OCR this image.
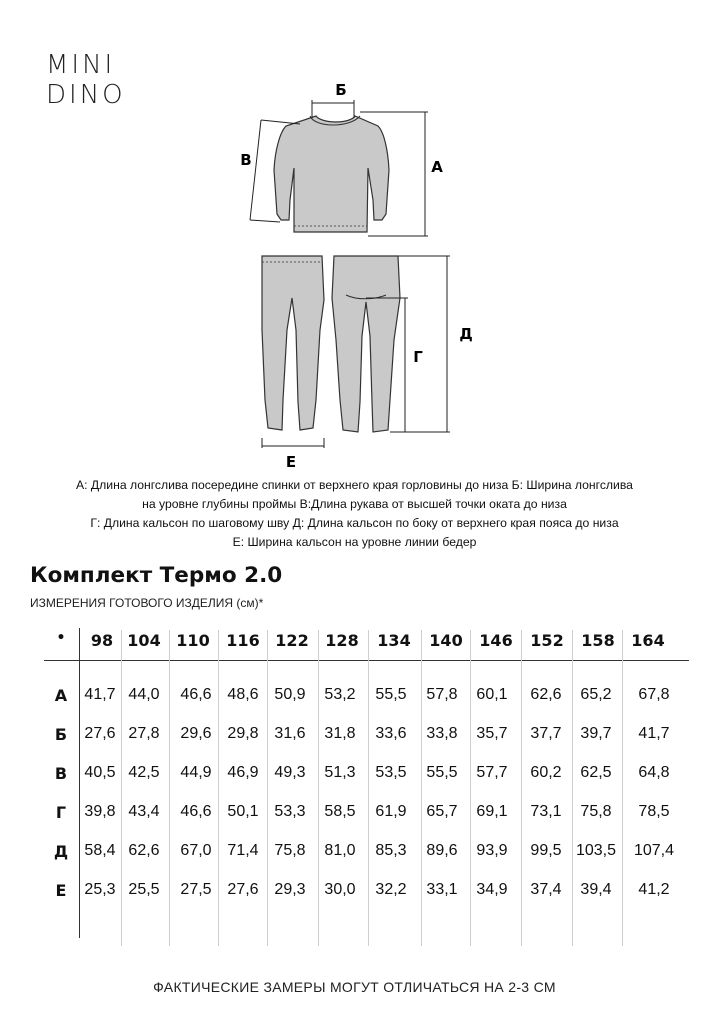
MINI
DINO	Б
А
В
Д
Г
Е
А: Длина лонгслива посередине спинки от верхнего края горловины до низа Б: Ширина лонгслива
на уровне глубины проймы В:Длина рукава от высшей точки оката до низа
Г: Длина кальсон по шаговому шву Д: Длина кальсон по боку от верхнего края пояса до низа
Е: Ширина кальсон на уровне линии бедер
Комплект Термо 2.0
ИЗМЕРЕНИЯ ГОТОВОГО ИЗДЕЛИЯ (см)*
•	98 104 110	116 122	128	134	140	146	152	158	164
А	41,7 44,0	46,6 48,6 50,9	53,2	55,5	57,8	60,1	62,6	65,2	67,8
Б	27,6 27,8	29,6 29,8 31,6	31,8	33,6	33,8	35,7	37,7	39,7	41,7
В	40,5 42,5	44,9 46,9 49,3	51,3	53,5	55,5	57,7	60,2	62,5	64,8
Г	39,8 43,4	46,6 50,1 53,3	58,5	61,9	65,7	69,1	73,1	75,8	78,5
Д	58,4 62,6	67,0 71,4 75,8	81,0	85,3	89,6	93,9	99,5 103,5	107,4
Е	25,3 25,5	27,5 27,6 29,3	30,0	32,2	33,1	34,9	37,4	39,4	41,2
ФАКТИЧЕСКИЕ ЗАМЕРЫ МОГУТ ОТЛИЧАТЬСЯ НА 2-3 СМ
